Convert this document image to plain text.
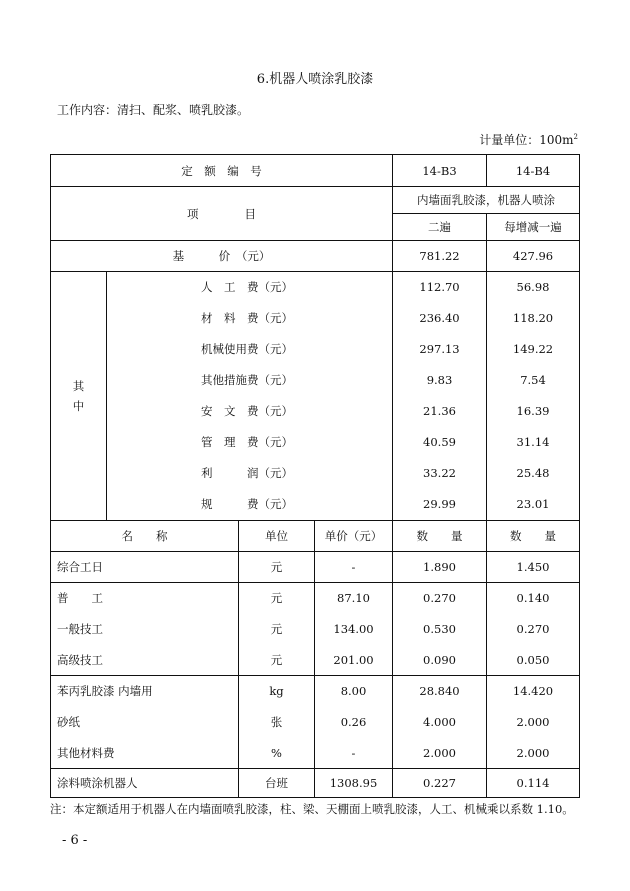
6.机器人喷涂乳胶漆
工作内容：清扫、配浆、喷乳胶漆。
计量单位：$100m^2$
定　额　编　号				14-B3	14-B4
项　　　　目				内墙面乳胶漆，机器人喷涂	
				二遍	每增减一遍
基　　　价　（元）				781.22	427.96
其
中	人　工　费（元）			112.70	56.98
	材　料　费（元）			236.40	118.20
	机械使用费（元）			297.13	149.22
	其他措施费（元）			9.83	7.54
	安　文　费（元）			21.36	16.39
	管　理　费（元）			40.59	31.14
	利　　　润（元）			33.22	25.48
	规　　　费（元）			29.99	23.01
名　　称		单位	单价（元）	数　　量	数　　量
综合工日		元	-	1.890	1.450
普　　工		元	87.10	0.270	0.140
一般技工		元	134.00	0.530	0.270
高级技工		元	201.00	0.090	0.050
苯丙乳胶漆 内墙用		kg	8.00	28.840	14.420
砂纸		张	0.26	4.000	2.000
其他材料费		%	-	2.000	2.000
涂料喷涂机器人		台班	1308.95	0.227	0.114
注：本定额适用于机器人在内墙面喷乳胶漆，柱、梁、天棚面上喷乳胶漆，人工、机械乘以系数 1.10。
- 6 -
